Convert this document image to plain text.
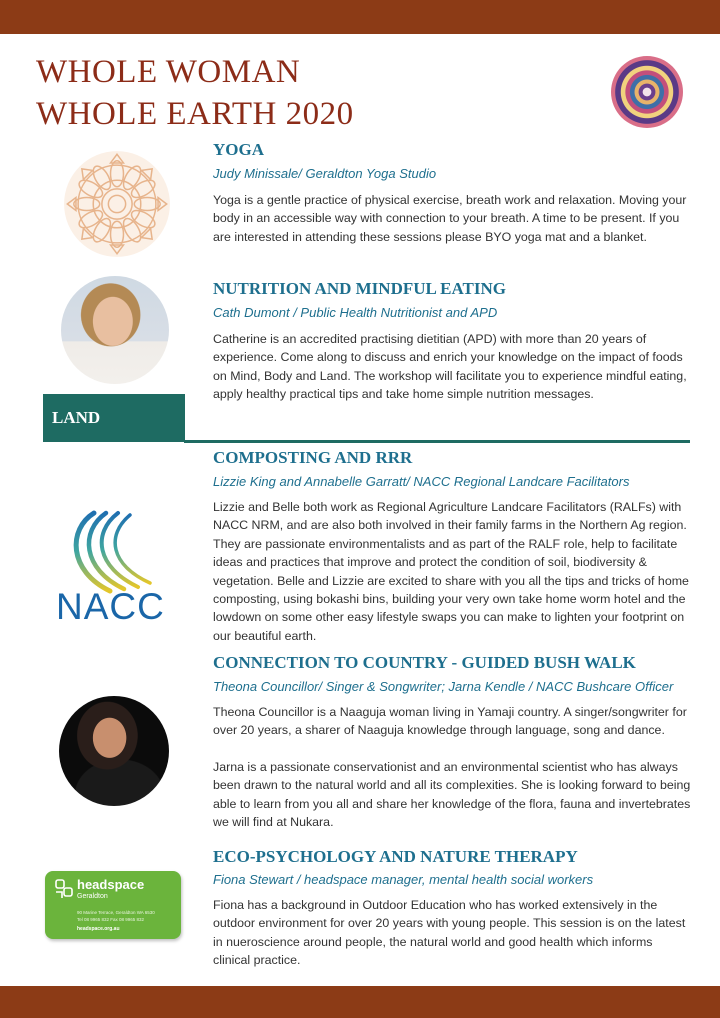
WHOLE WOMAN
WHOLE EARTH 2020
YOGA
Judy Minissale/ Geraldton Yoga Studio
Yoga is a gentle practice of physical exercise, breath work and relaxation. Moving your body in an accessible way with connection to your breath. A time to be present. If you are interested in attending these sessions please BYO yoga mat and a blanket.
NUTRITION AND MINDFUL EATING
Cath Dumont / Public Health Nutritionist and APD
Catherine is an accredited practising dietitian (APD) with more than 20 years of experience. Come along to discuss and enrich your knowledge on the impact of foods on Mind, Body and Land. The workshop will facilitate you to experience mindful eating, apply healthy practical tips and take home simple nutrition messages.
LAND
NACC
COMPOSTING AND RRR
Lizzie King and Annabelle Garratt/ NACC Regional Landcare Facilitators
Lizzie and Belle both work as Regional Agriculture Landcare Facilitators (RALFs) with NACC NRM, and are also both involved in their family farms in the Northern Ag region. They are passionate environmentalists and as part of the RALF role, help to facilitate ideas and practices that improve and protect the condition of soil, biodiversity & vegetation. Belle and Lizzie are excited to share with you all the tips and tricks of home composting, using bokashi bins, building your very own take home worm hotel and the lowdown on some other easy lifestyle swaps you can make to lighten your footprint on our beautiful earth.
CONNECTION TO COUNTRY - GUIDED BUSH WALK
Theona Councillor/ Singer & Songwriter; Jarna Kendle / NACC Bushcare Officer
Theona Councillor is a Naaguja woman living in Yamaji country. A singer/songwriter for over 20 years, a sharer of Naaguja knowledge through language, song and dance.
Jarna is a passionate conservationist and an environmental scientist who has always been drawn to the natural world and all its complexities. She is looking forward to being able to learn from you all and share her knowledge of the flora, fauna and invertebrates we will find at Nukara.
headspace
Geraldton
90 Marine Terrace, Geraldton WA 6530
Tel 08 9965 832 Fax 08 9965 832
headspace.org.au
ECO-PSYCHOLOGY AND NATURE THERAPY
Fiona Stewart / headspace manager, mental health social workers
Fiona has a background in Outdoor Education who has worked extensively in the outdoor environment for over 20 years with young people. This session is on the latest in nueroscience around people, the natural world and good health which informs clinical practice.
